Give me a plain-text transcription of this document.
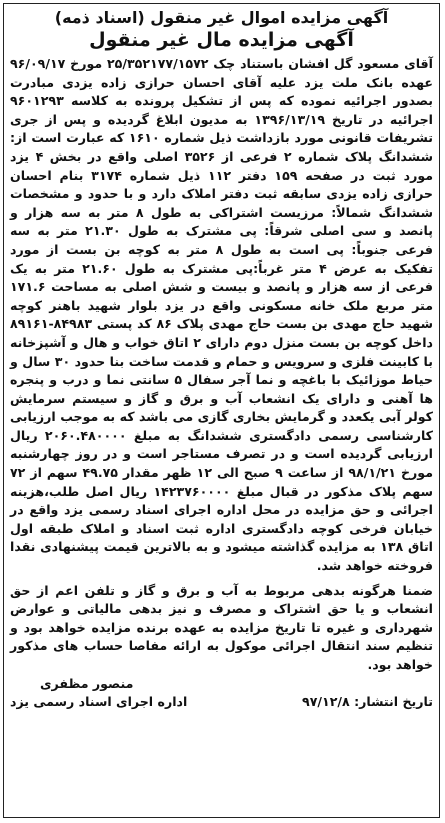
آگهی مزایده اموال غیر منقول (اسناد ذمه)
آگهی مزایده مال غیر منقول
آقای مسعود گل افشان باستناد چک ۲۵/۳۵۲۱۷۷/۱۵۷۲ مورخ ۹۶/۰۹/۱۷ عهده بانک ملت یزد علیه آقای احسان حرازی زاده یزدی مبادرت بصدور اجرائیه نموده که پس از تشکیل پرونده به کلاسه ۹۶۰۱۲۹۳ اجرائیه در تاریخ ۱۳۹۶/۱۳/۱۹ به مدیون ابلاغ گردیده و پس از جری تشریفات قانونی مورد بازداشت ذیل شماره ۱۶۱۰ که عبارت است از: ششدانگ پلاک شماره ۲ فرعی از ۳۵۲۶ اصلی واقع در بخش ۴ یزد مورد ثبت در صفحه ۱۵۹ دفتر ۱۱۲ ذیل شماره ۳۱۷۴ بنام احسان حرازی زاده یزدی سابقه ثبت دفتر املاک دارد و با حدود و مشخصات ششدانگ شمالاً: مرزیست اشتراکی به طول ۸ متر به سه هزار و پانصد و سی اصلی شرقاً: پی مشترک به طول ۲۱.۳۰ متر به سه فرعی جنوباً: پی است به طول ۸ متر به کوچه بن بست از مورد تفکیک به عرض ۴ متر غرباً:پی مشترک به طول ۲۱.۶۰ متر به یک فرعی از سه هزار و پانصد و بیست و شش اصلی به مساحت ۱۷۱.۶ متر مربع ملک خانه مسکونی واقع در یزد بلوار شهید باهنر کوچه شهید حاج مهدی بن بست حاج مهدی پلاک ۸۶ کد پستی ۸۴۹۸۳-۸۹۱۶۱ داخل کوچه بن بست منزل دوم دارای ۲ اتاق خواب و هال و آشپزخانه با کابینت فلزی و سرویس و حمام و قدمت ساخت بنا حدود ۳۰ سال و حیاط موزائیک با باغچه و نما آجر سفال ۵ سانتی نما و درب و پنجره ها آهنی و دارای یک انشعاب آب و برق و گاز و سیستم سرمایش کولر آبی یکعدد و گرمایش بخاری گازی می باشد که به موجب ارزیابی کارشناسی رسمی دادگستری ششدانگ به مبلغ ۲۰۶۰.۴۸۰۰۰۰ ریال ارزیابی گردیده است و در تصرف مستاجر است و در روز چهارشنبه مورخ ۹۸/۱/۲۱ از ساعت ۹ صبح الی ۱۲ ظهر مقدار ۴۹.۷۵ سهم از ۷۲ سهم پلاک مذکور در قبال مبلغ ۱۴۲۳۷۶۰۰۰۰ ریال اصل طلب،هزینه اجرائی و حق مزایده در محل اداره اجرای اسناد رسمی یزد واقع در خیابان فرخی کوچه دادگستری اداره ثبت اسناد و املاک طبقه اول اتاق ۱۳۸ به مزایده گذاشته میشود و به بالاترین قیمت پیشنهادی نقدا فروخته خواهد شد.
ضمنا هرگونه بدهی مربوط به آب و برق و گاز و تلفن اعم از حق انشعاب و یا حق اشتراک و مصرف و نیز بدهی مالیاتی و عوارض شهرداری و غیره تا تاریخ مزایده به عهده برنده مزایده خواهد بود و تنظیم سند انتقال اجرائی موکول به ارائه مفاصا حساب های مذکور خواهد بود.
منصور مظفری
تاریخ انتشار: ۹۷/۱۲/۸
اداره اجرای اسناد رسمی یزد
